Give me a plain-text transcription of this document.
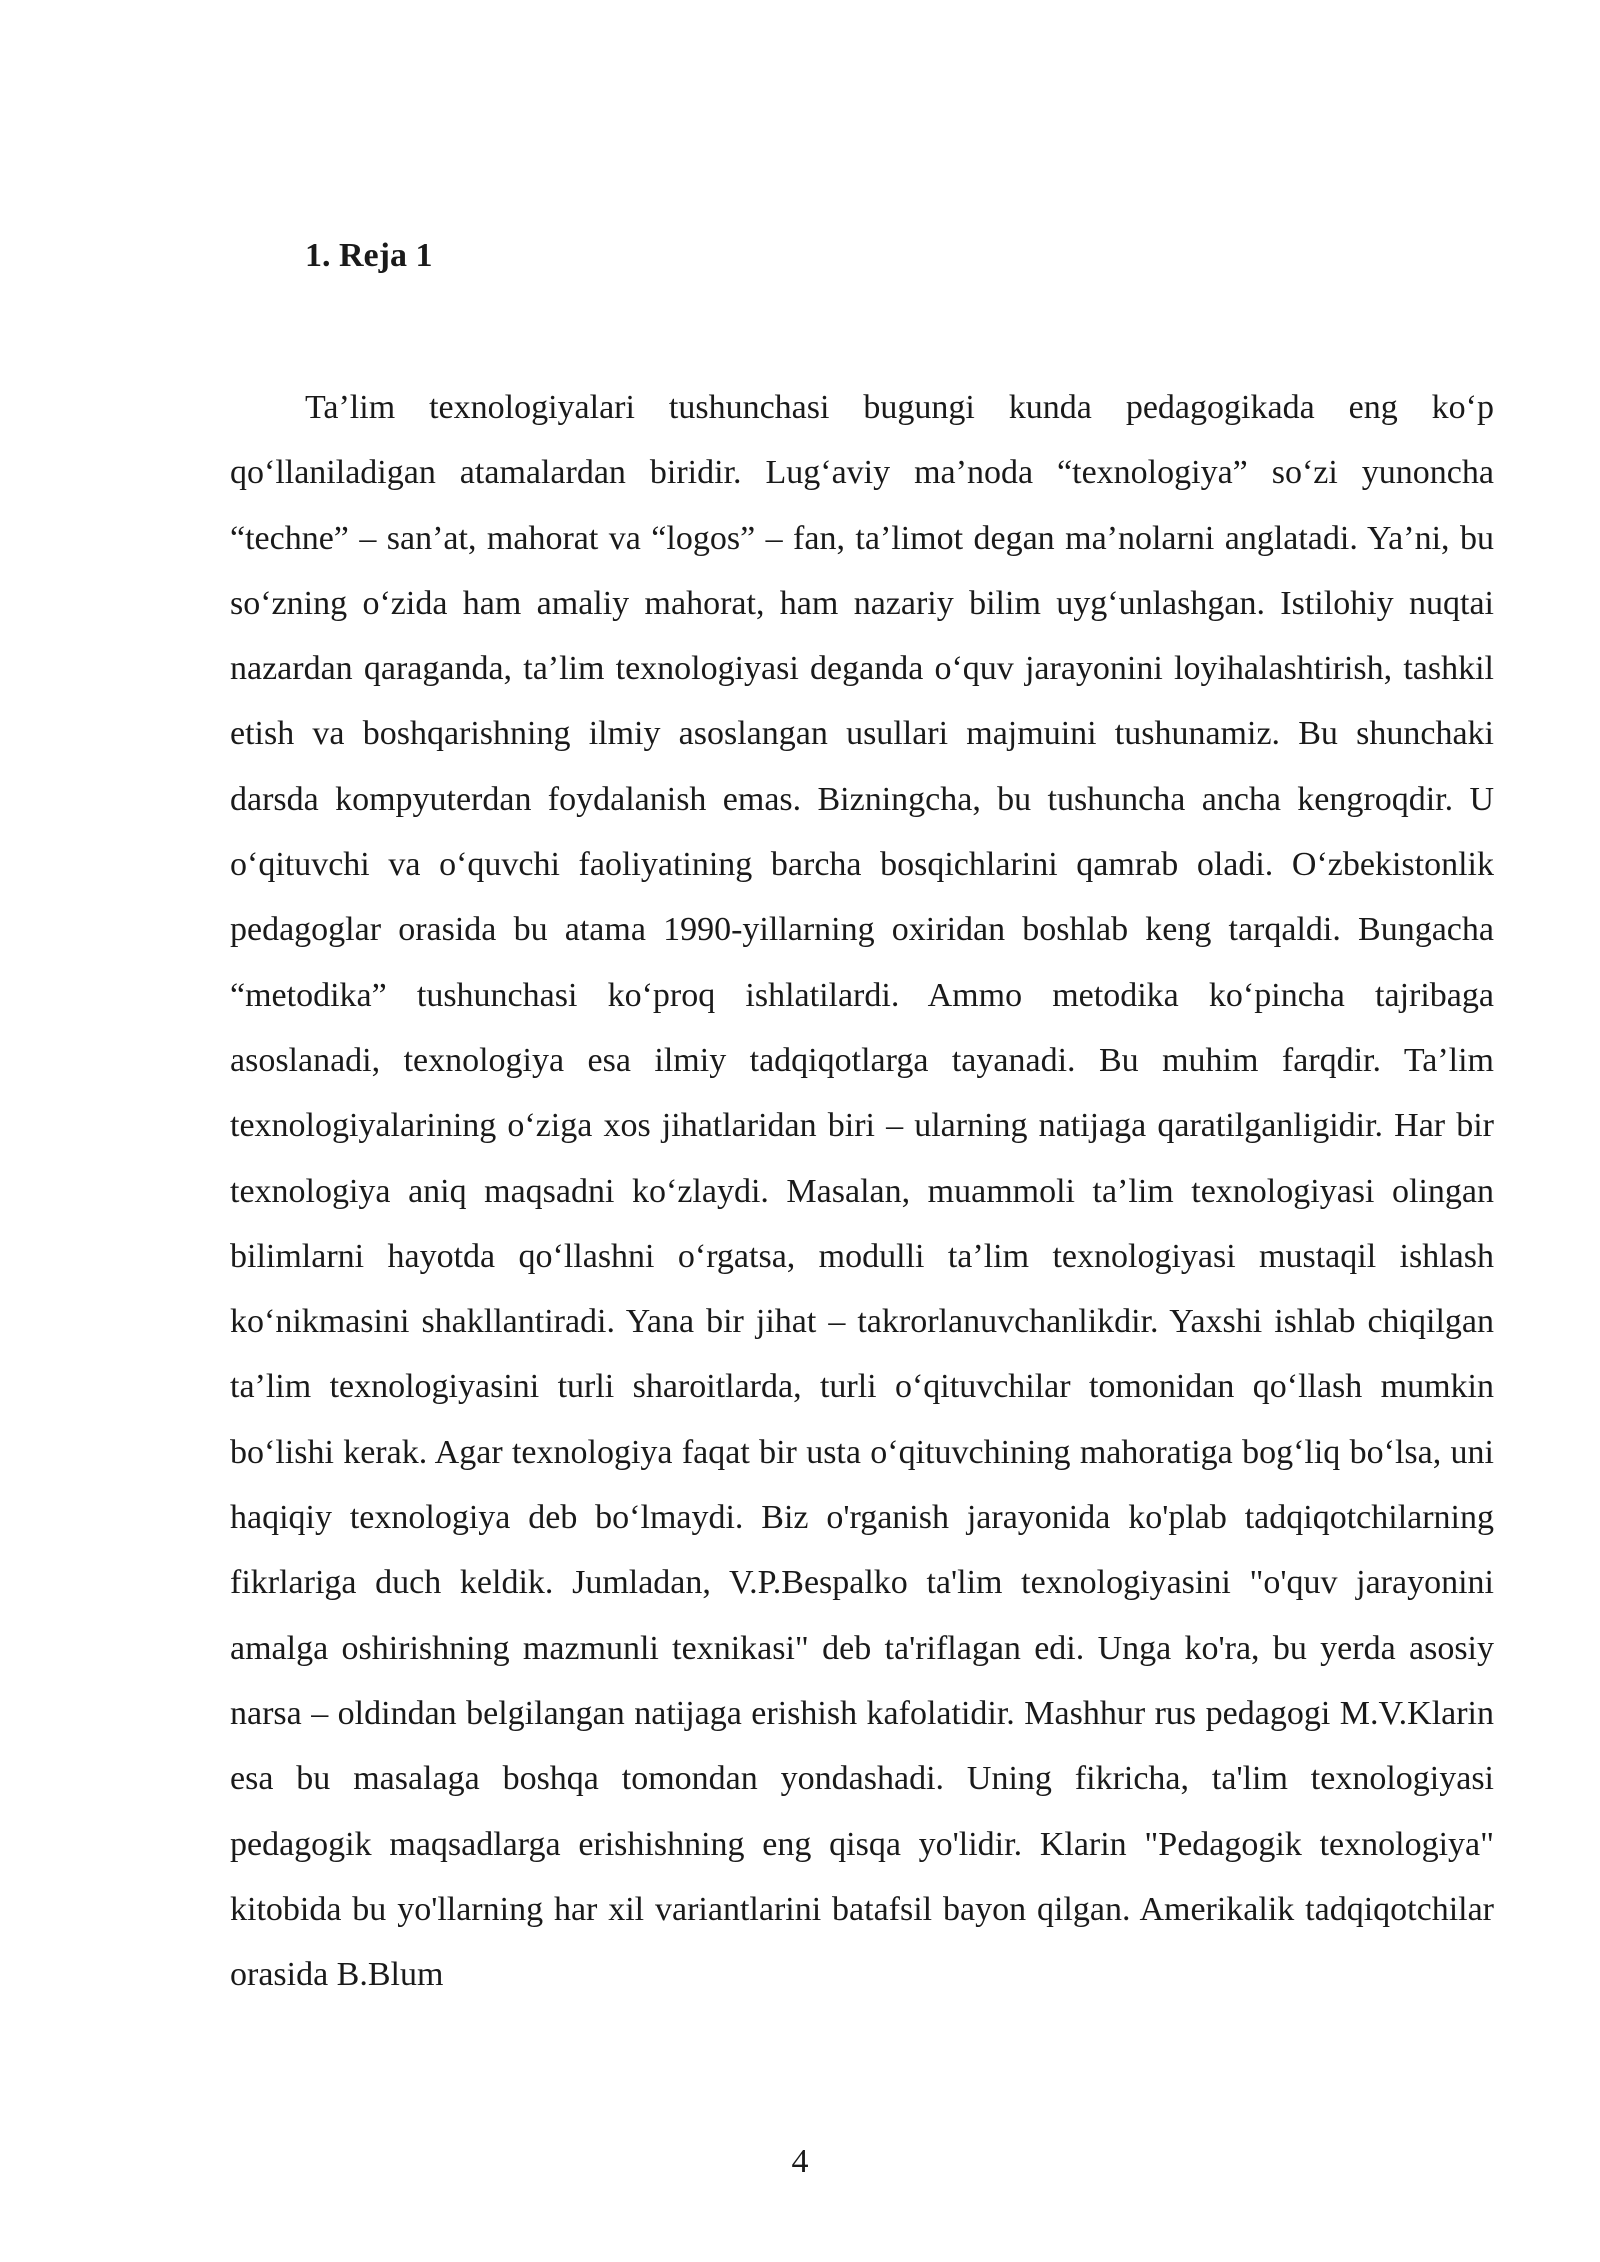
1. Reja 1

Ta’lim texnologiyalari tushunchasi bugungi kunda pedagogikada eng ko‘p qo‘llaniladigan atamalardan biridir. Lug‘aviy ma’noda “texnologiya” so‘zi yunoncha “techne” – san’at, mahorat va “logos” – fan, ta’limot degan ma’nolarni anglatadi. Ya’ni, bu so‘zning o‘zida ham amaliy mahorat, ham nazariy bilim uyg‘unlashgan. Istilohiy nuqtai nazardan qaraganda, ta’lim texnologiyasi deganda o‘quv jarayonini loyihalashtirish, tashkil etish va boshqarishning ilmiy asoslangan usullari majmuini tushunamiz. Bu shunchaki darsda kompyuterdan foydalanish emas. Bizningcha, bu tushuncha ancha kengroqdir. U o‘qituvchi va o‘quvchi faoliyatining barcha bosqichlarini qamrab oladi. O‘zbekistonlik pedagoglar orasida bu atama 1990-yillarning oxiridan boshlab keng tarqaldi. Bungacha “metodika” tushunchasi ko‘proq ishlatilardi. Ammo metodika ko‘pincha tajribaga asoslanadi, texnologiya esa ilmiy tadqiqotlarga tayanadi. Bu muhim farqdir. Ta’lim texnologiyalarining o‘ziga xos jihatlaridan biri – ularning natijaga qaratilganligidir. Har bir texnologiya aniq maqsadni ko‘zlaydi. Masalan, muammoli ta’lim texnologiyasi olingan bilimlarni hayotda qo‘llashni o‘rgatsa, modulli ta’lim texnologiyasi mustaqil ishlash ko‘nikmasini shakllantiradi. Yana bir jihat – takrorlanuvchanlikdir. Yaxshi ishlab chiqilgan ta’lim texnologiyasini turli sharoitlarda, turli o‘qituvchilar tomonidan qo‘llash mumkin bo‘lishi kerak. Agar texnologiya faqat bir usta o‘qituvchining mahoratiga bog‘liq bo‘lsa, uni haqiqiy texnologiya deb bo‘lmaydi. Biz o'rganish jarayonida ko'plab tadqiqotchilarning fikrlariga duch keldik. Jumladan, V.P.Bespalko ta'lim texnologiyasini "o'quv jarayonini amalga oshirishning mazmunli texnikasi" deb ta'riflagan edi. Unga ko'ra, bu yerda asosiy narsa – oldindan belgilangan natijaga erishish kafolatidir. Mashhur rus pedagogi M.V.Klarin esa bu masalaga boshqa tomondan yondashadi. Uning fikricha, ta'lim texnologiyasi pedagogik maqsadlarga erishishning eng qisqa yo'lidir. Klarin "Pedagogik texnologiya" kitobida bu yo'llarning har xil variantlarini batafsil bayon qilgan. Amerikalik tadqiqotchilar orasida B.Blum

4
